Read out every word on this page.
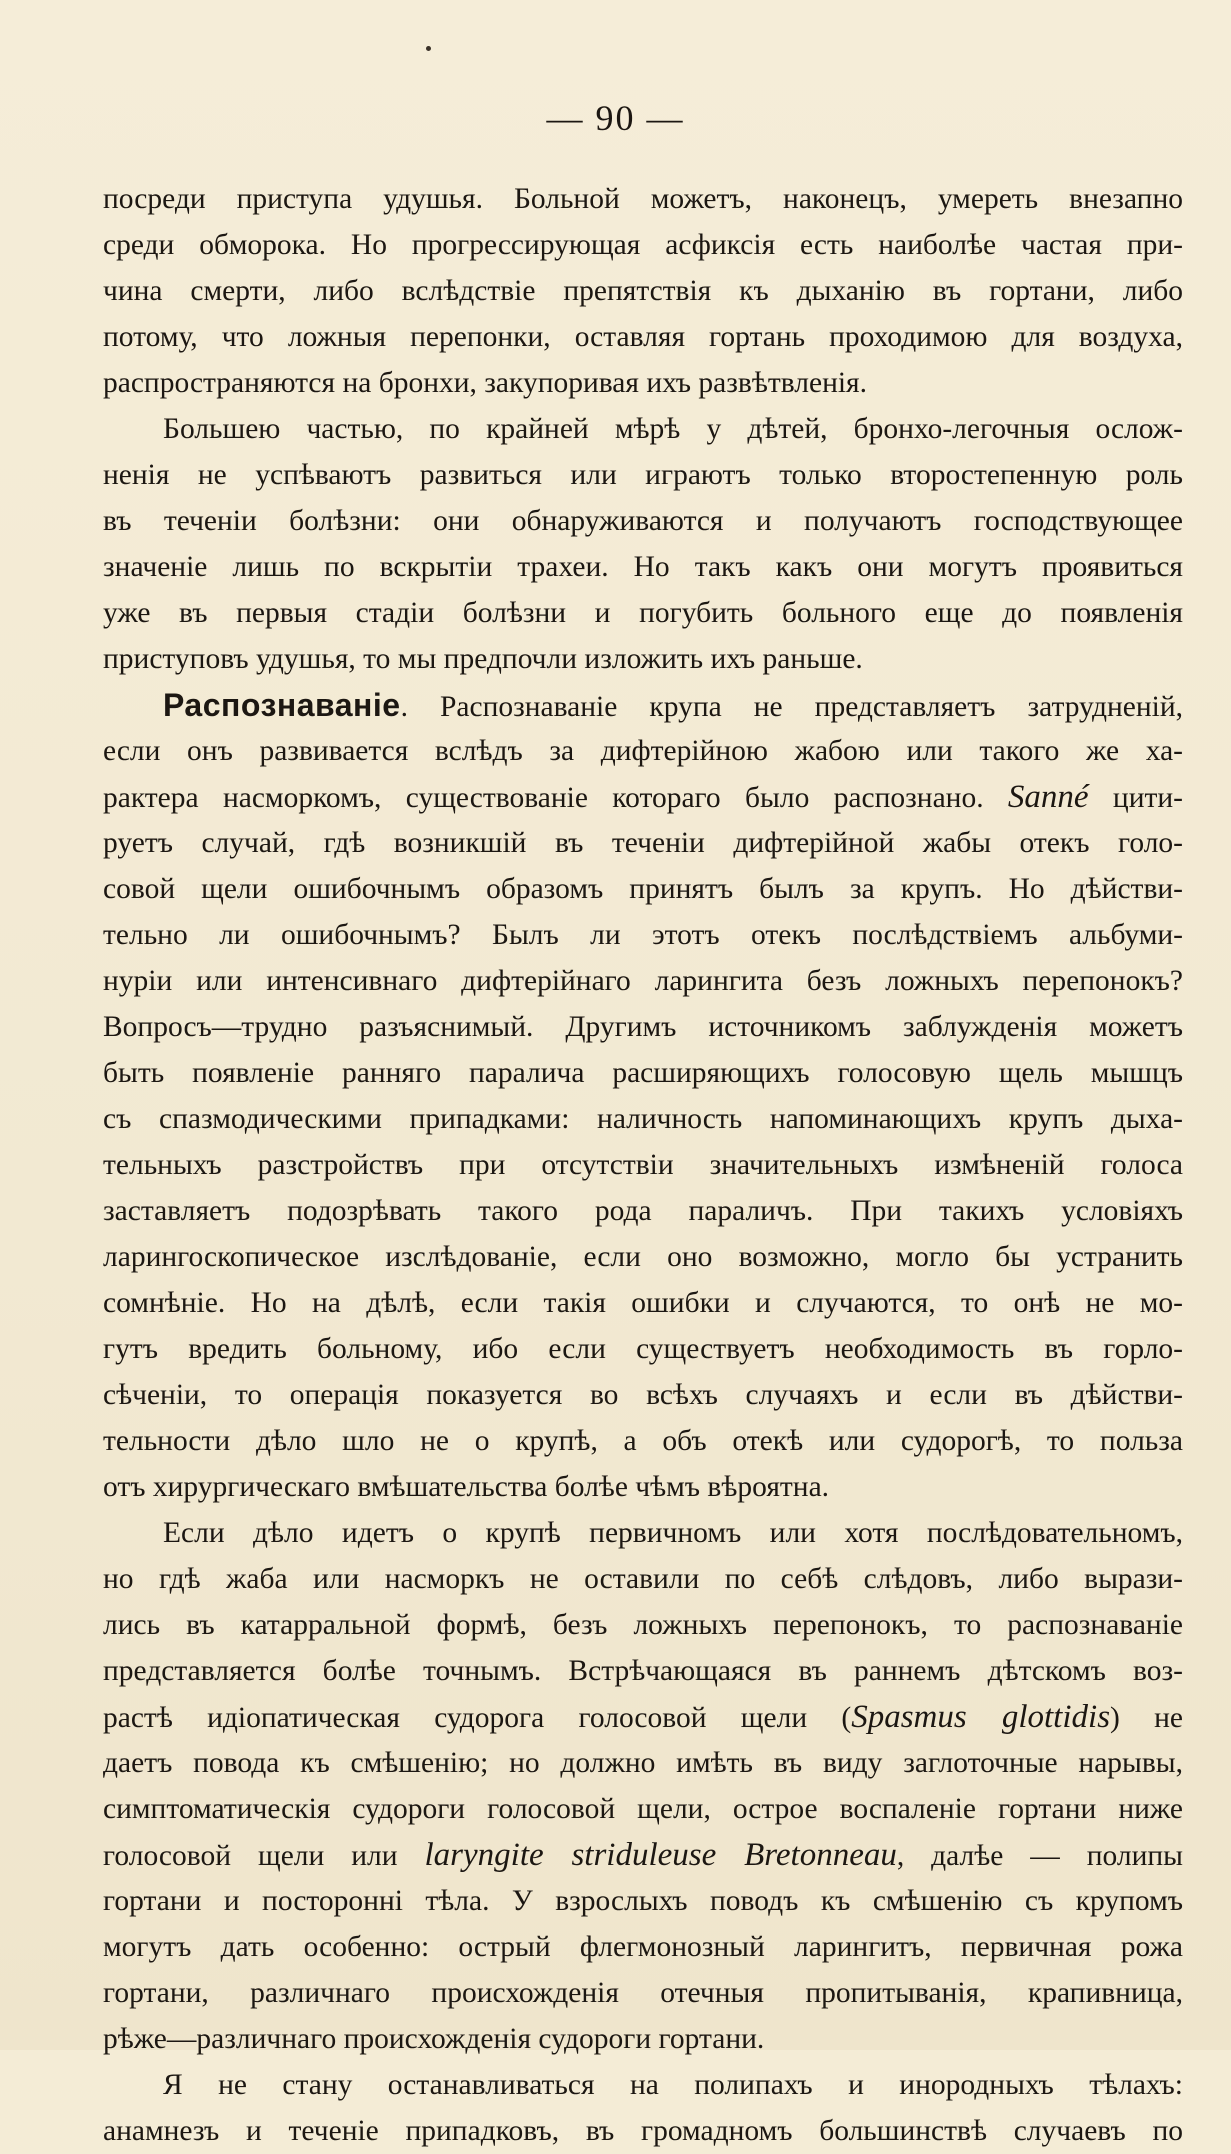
— 90 —
посреди приступа удушья. Больной можетъ, наконецъ, умереть внезапно
среди обморока. Но прогрессирующая асфиксія есть наиболѣе частая при-
чина смерти, либо вслѣдствіе препятствія къ дыханію въ гортани, либо
потому, что ложныя перепонки, оставляя гортань проходимою для воздуха,
распространяются на бронхи, закупоривая ихъ развѣтвленія.
Большею частью, по крайней мѣрѣ у дѣтей, бронхо-легочныя ослож-
ненія не успѣваютъ развиться или играютъ только второстепенную роль
въ теченіи болѣзни: они обнаруживаются и получаютъ господствующее
значеніе лишь по вскрытіи трахеи. Но такъ какъ они могутъ проявиться
уже въ первыя стадіи болѣзни и погубить больного еще до появленія
приступовъ удушья, то мы предпочли изложить ихъ раньше.
Распознаваніе. Распознаваніе крупа не представляетъ затрудненій,
если онъ развивается вслѣдъ за дифтерійною жабою или такого же ха-
рактера насморкомъ, существованіе котораго было распознано. Sanné цити-
руетъ случай, гдѣ возникшій въ теченіи дифтерійной жабы отекъ голо-
совой щели ошибочнымъ образомъ принятъ былъ за крупъ. Но дѣйстви-
тельно ли ошибочнымъ? Былъ ли этотъ отекъ послѣдствіемъ альбуми-
нуріи или интенсивнаго дифтерійнаго ларингита безъ ложныхъ перепонокъ?
Вопросъ—трудно разъяснимый. Другимъ источникомъ заблужденія можетъ
быть появленіе ранняго паралича расширяющихъ голосовую щель мышцъ
съ спазмодическими припадками: наличность напоминающихъ крупъ дыха-
тельныхъ разстройствъ при отсутствіи значительныхъ измѣненій голоса
заставляетъ подозрѣвать такого рода параличъ. При такихъ условіяхъ
ларингоскопическое изслѣдованіе, если оно возможно, могло бы устранить
сомнѣніе. Но на дѣлѣ, если такія ошибки и случаются, то онѣ не мо-
гутъ вредить больному, ибо если существуетъ необходимость въ горло-
сѣченіи, то операція показуется во всѣхъ случаяхъ и если въ дѣйстви-
тельности дѣло шло не о крупѣ, а объ отекѣ или судорогѣ, то польза
отъ хирургическаго вмѣшательства болѣе чѣмъ вѣроятна.
Если дѣло идетъ о крупѣ первичномъ или хотя послѣдовательномъ,
но гдѣ жаба или насморкъ не оставили по себѣ слѣдовъ, либо вырази-
лись въ катарральной формѣ, безъ ложныхъ перепонокъ, то распознаваніе
представляется болѣе точнымъ. Встрѣчающаяся въ раннемъ дѣтскомъ воз-
растѣ идіопатическая судорога голосовой щели (Spasmus glottidis) не
даетъ повода къ смѣшенію; но должно имѣть въ виду заглоточные нарывы,
симптоматическія судороги голосовой щели, острое воспаленіе гортани ниже
голосовой щели или laryngite striduleuse Bretonneau, далѣе — полипы
гортани и посторонні тѣла. У взрослыхъ поводъ къ смѣшенію съ крупомъ
могутъ дать особенно: острый флегмонозный ларингитъ, первичная рожа
гортани, различнаго происхожденія отечныя пропитыванія, крапивница,
рѣже—различнаго происхожденія судороги гортани.
Я не стану останавливаться на полипахъ и инородныхъ тѣлахъ:
анамнезъ и теченіе припадковъ, въ громадномъ большинствѣ случаевъ по
